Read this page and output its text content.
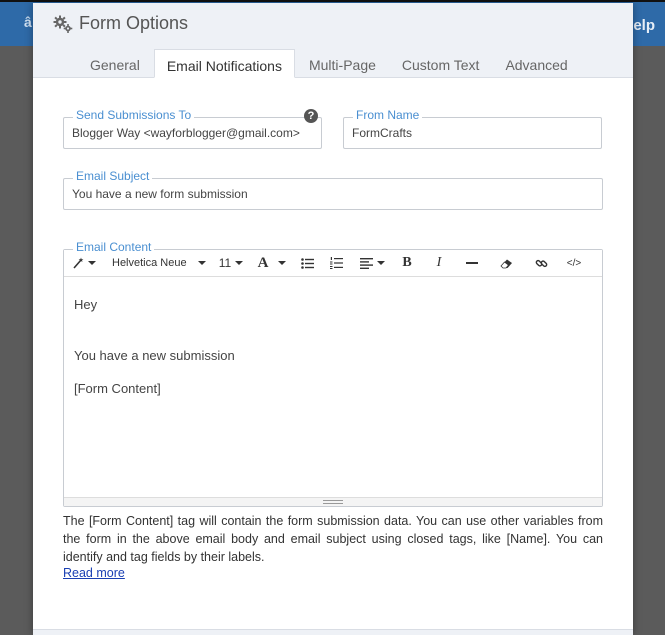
â	elp
Form Options
General	Email Notifications	Multi-Page	Custom Text	Advanced
Send Submissions To	?
Blogger Way <wayforblogger@gmail.com>
From Name
FormCrafts
Email Subject
You have a new form submission
Email Content
Helvetica Neue	11 A	B I	</>

Hey

You have a new submission

[Form Content]

The [Form Content] tag will contain the form submission data. You can use other variables from the form in the above email body and email subject using closed tags, like [Name]. You can identify and tag fields by their labels.

Read more
